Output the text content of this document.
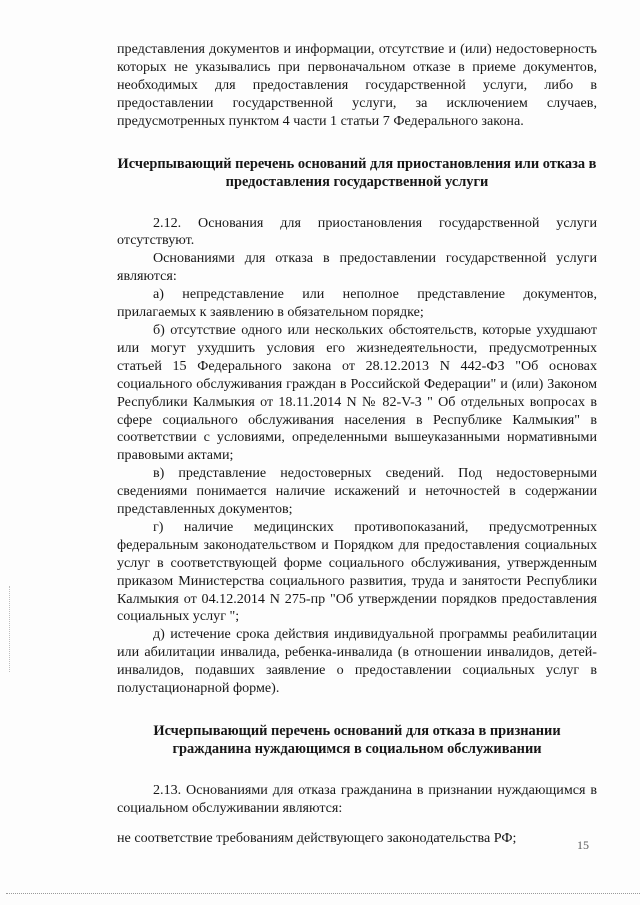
представления документов и информации, отсутствие и (или) недостоверность которых не указывались при первоначальном отказе в приеме документов, необходимых для предоставления государственной услуги, либо в предоставлении государственной услуги, за исключением случаев, предусмотренных пунктом 4 части 1 статьи 7 Федерального закона.

Исчерпывающий перечень оснований для приостановления или отказа в предоставления государственной услуги

2.12. Основания для приостановления государственной услуги отсутствуют.

Основаниями для отказа в предоставлении государственной услуги являются:

а) непредставление или неполное представление документов, прилагаемых к заявлению в обязательном порядке;

б) отсутствие одного или нескольких обстоятельств, которые ухудшают или могут ухудшить условия его жизнедеятельности, предусмотренных статьей 15 Федерального закона от 28.12.2013 N 442-ФЗ "Об основах социального обслуживания граждан в Российской Федерации" и (или) Законом Республики Калмыкия от 18.11.2014 N № 82-V-З " Об отдельных вопросах в сфере социального обслуживания населения в Республике Калмыкия" в соответствии с условиями, определенными вышеуказанными нормативными правовыми актами;

в) представление недостоверных сведений. Под недостоверными сведениями понимается наличие искажений и неточностей в содержании представленных документов;

г) наличие медицинских противопоказаний, предусмотренных федеральным законодательством и Порядком для предоставления социальных услуг в соответствующей форме социального обслуживания, утвержденным приказом Министерства социального развития, труда и занятости Республики Калмыкия от 04.12.2014 N 275-пр "Об утверждении порядков предоставления социальных услуг ";

д) истечение срока действия индивидуальной программы реабилитации или абилитации инвалида, ребенка-инвалида (в отношении инвалидов, детей-инвалидов, подавших заявление о предоставлении социальных услуг в полустационарной форме).

Исчерпывающий перечень оснований для отказа в признании гражданина нуждающимся в социальном обслуживании

2.13. Основаниями для отказа гражданина в признании нуждающимся в социальном обслуживании являются:

не соответствие требованиям действующего законодательства РФ;	15
